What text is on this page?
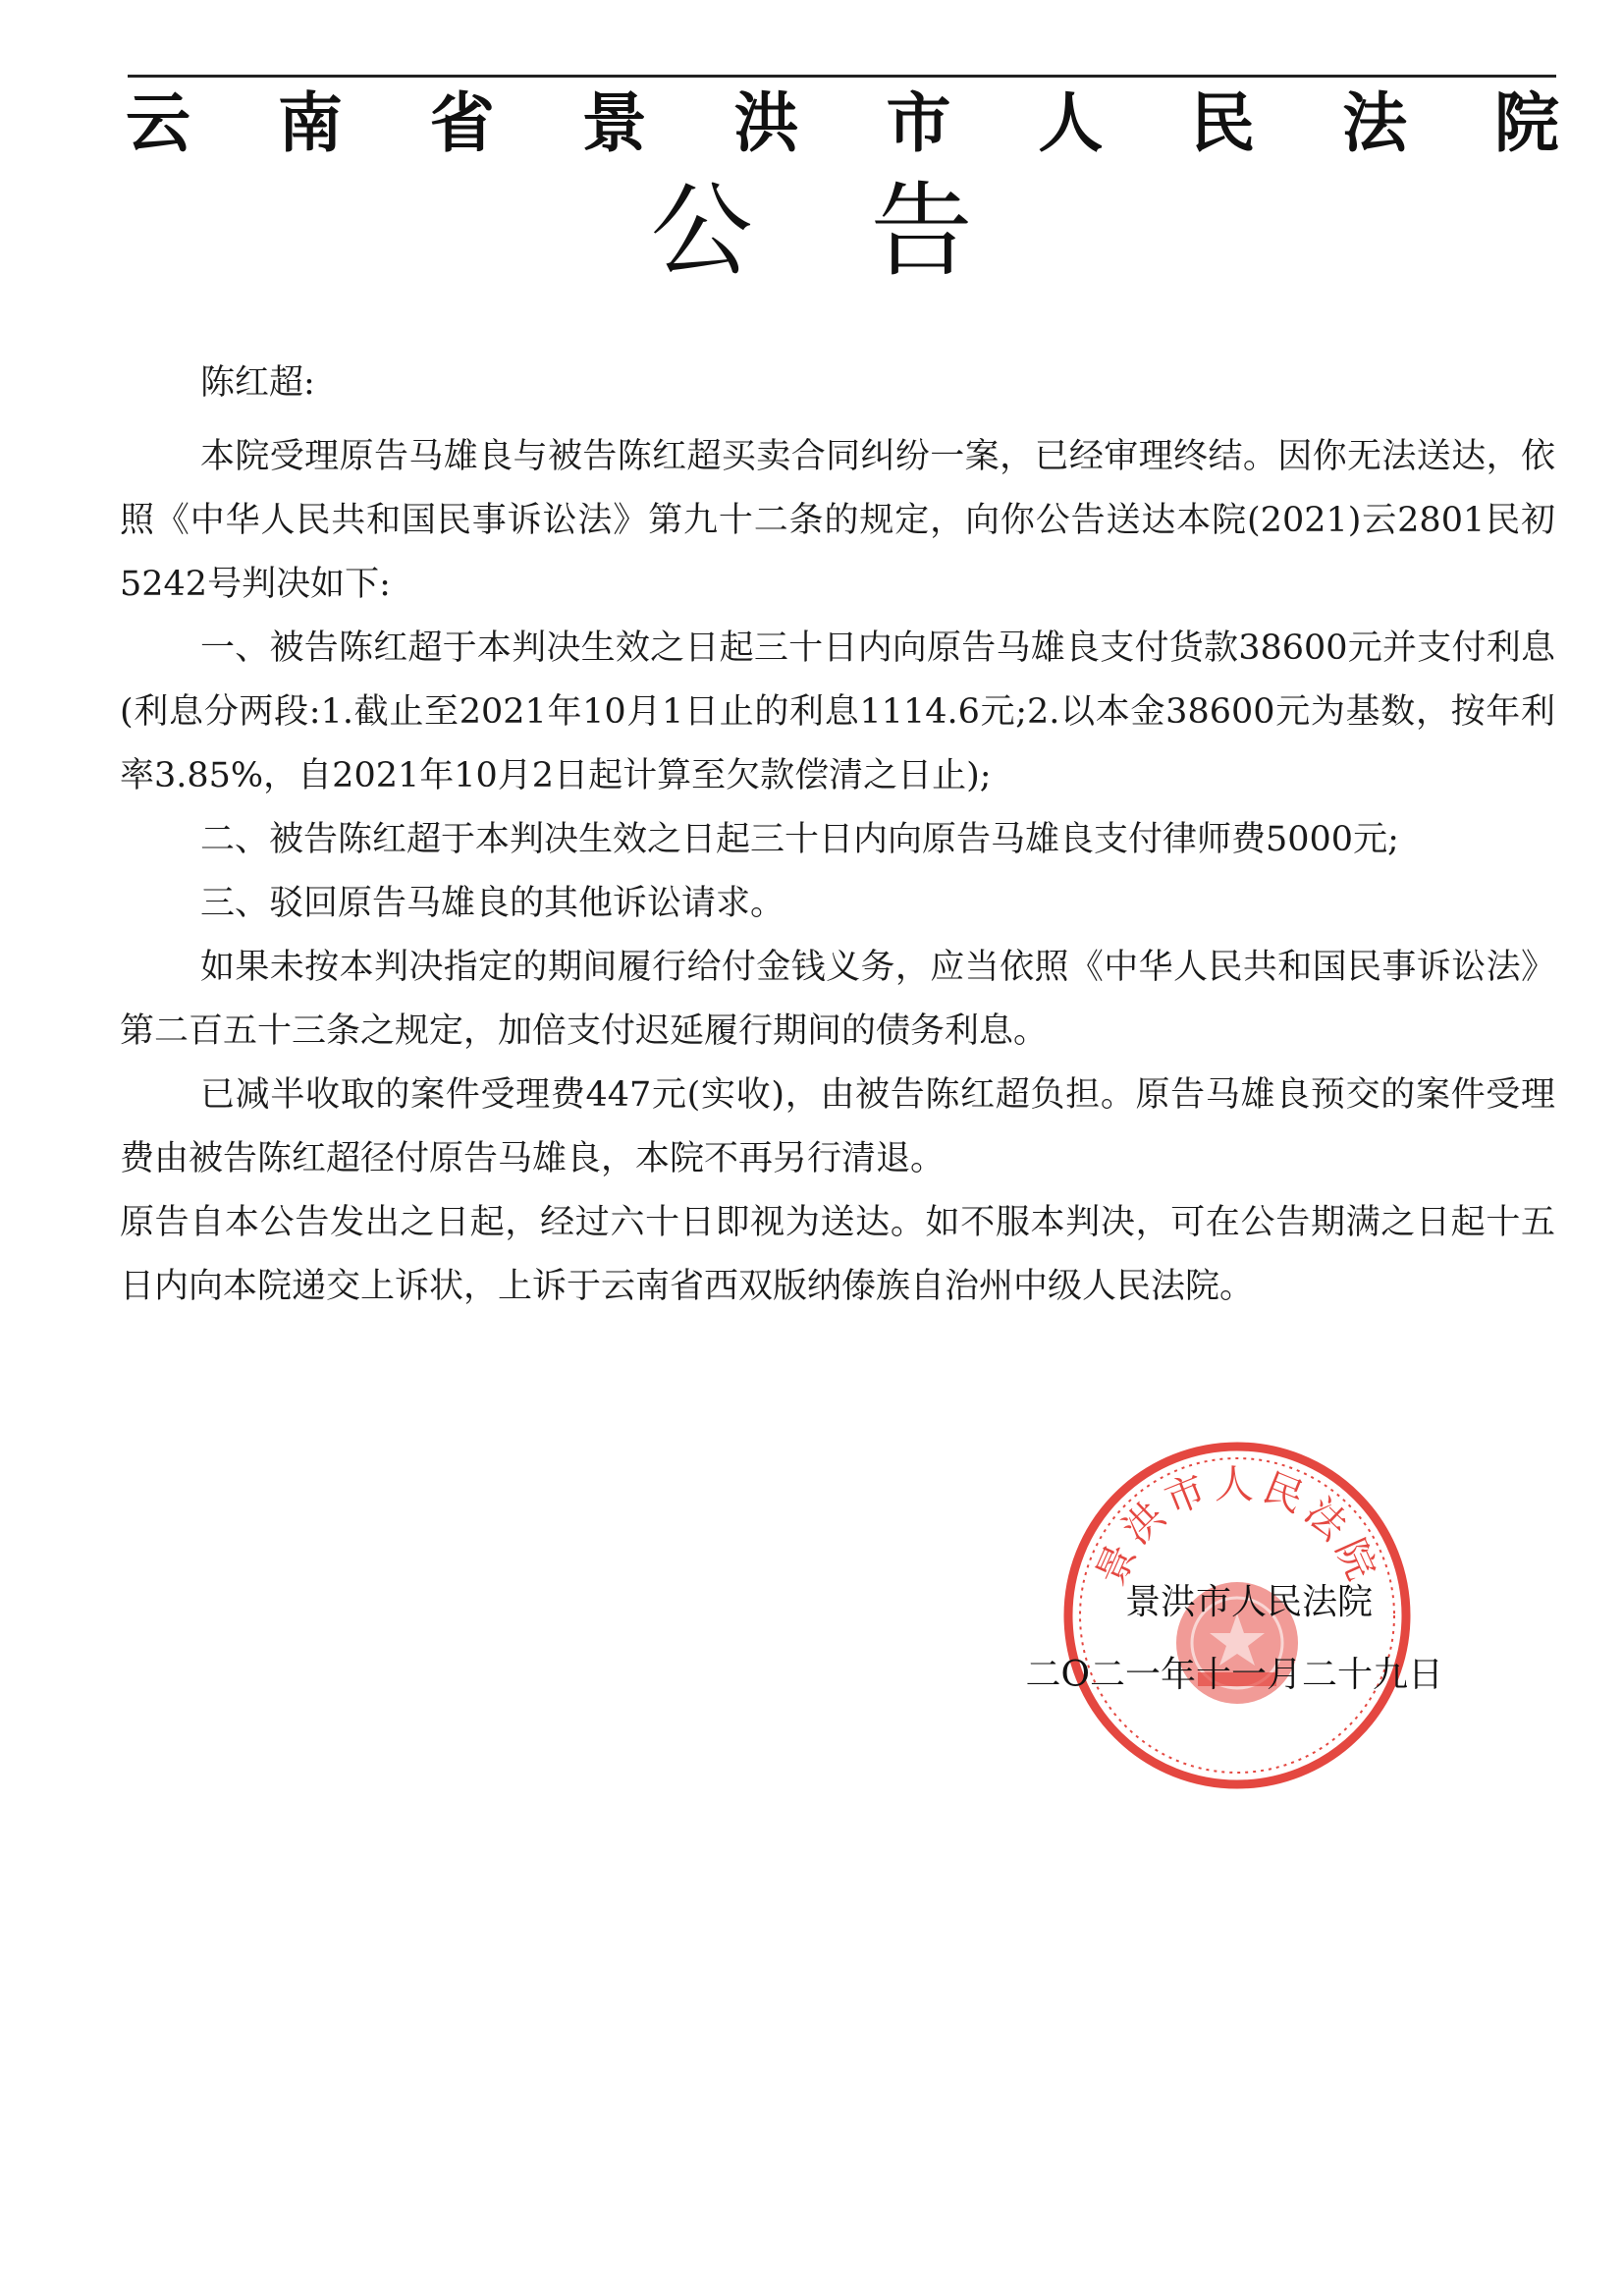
云南省景洪市人民法院
公告

陈红超:

本院受理原告马雄良与被告陈红超买卖合同纠纷一案，已经审理终结。因你无法送达，依照《中华人民共和国民事诉讼法》第九十二条的规定，向你公告送达本院(2021)云2801民初5242号判决如下:

一、被告陈红超于本判决生效之日起三十日内向原告马雄良支付货款38600元并支付利息(利息分两段:1.截止至2021年10月1日止的利息1114.6元;2.以本金38600元为基数，按年利率3.85%，自2021年10月2日起计算至欠款偿清之日止);

二、被告陈红超于本判决生效之日起三十日内向原告马雄良支付律师费5000元;

三、驳回原告马雄良的其他诉讼请求。

如果未按本判决指定的期间履行给付金钱义务，应当依照《中华人民共和国民事诉讼法》第二百五十三条之规定，加倍支付迟延履行期间的债务利息。

已减半收取的案件受理费447元(实收)，由被告陈红超负担。原告马雄良预交的案件受理费由被告陈红超径付原告马雄良，本院不再另行清退。

原告自本公告发出之日起，经过六十日即视为送达。如不服本判决，可在公告期满之日起十五日内向本院递交上诉状，上诉于云南省西双版纳傣族自治州中级人民法院。

景洪市人民法院
景洪市人民法院
二O二一年十一月二十九日
